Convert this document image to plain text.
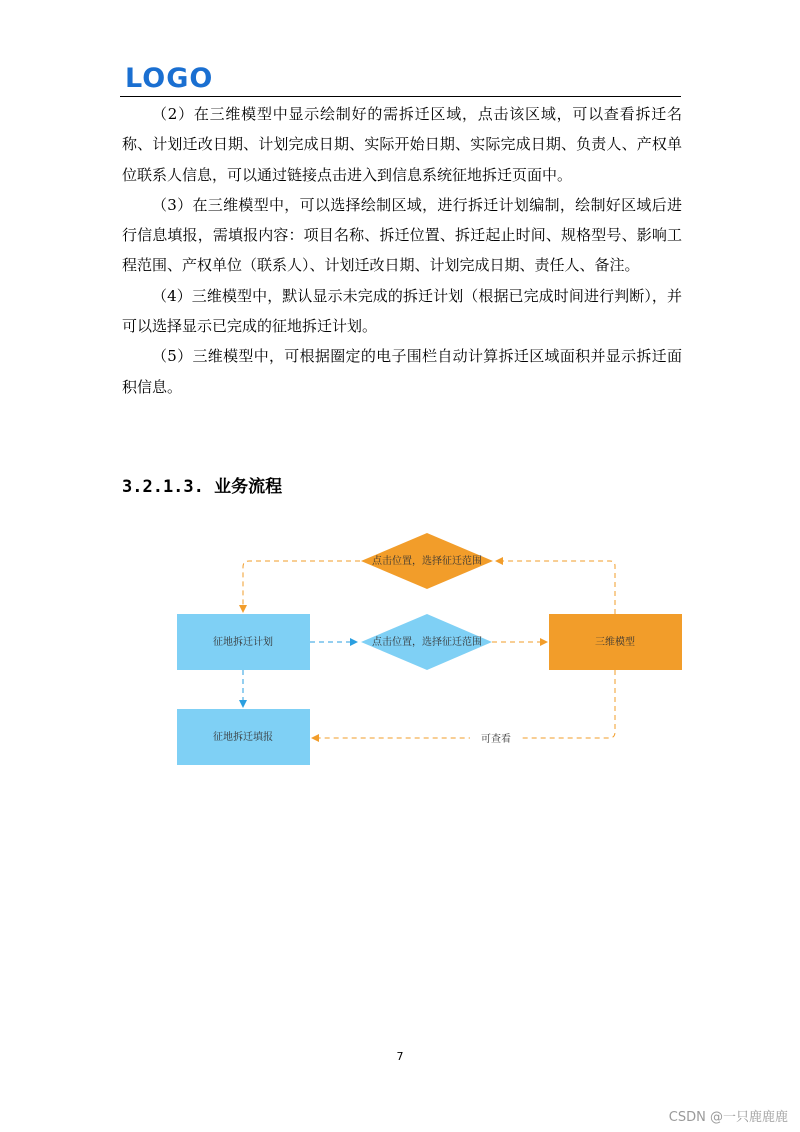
LOGO

（2）在三维模型中显示绘制好的需拆迁区域，点击该区域，可以查看拆迁名称、计划迁改日期、计划完成日期、实际开始日期、实际完成日期、负责人、产权单位联系人信息，可以通过链接点击进入到信息系统征地拆迁页面中。

（3）在三维模型中，可以选择绘制区域，进行拆迁计划编制，绘制好区域后进行信息填报，需填报内容：项目名称、拆迁位置、拆迁起止时间、规格型号、影响工程范围、产权单位（联系人）、计划迁改日期、计划完成日期、责任人、备注。

（4）三维模型中，默认显示未完成的拆迁计划（根据已完成时间进行判断），并可以选择显示已完成的征地拆迁计划。

（5）三维模型中，可根据圈定的电子围栏自动计算拆迁区域面积并显示拆迁面积信息。

3.2.1.3. 业务流程
可查看
点击位置，选择征迁范围
点击位置，选择征迁范围
征地拆迁计划
征地拆迁填报
三维模型

7

CSDN @一只鹿鹿鹿
